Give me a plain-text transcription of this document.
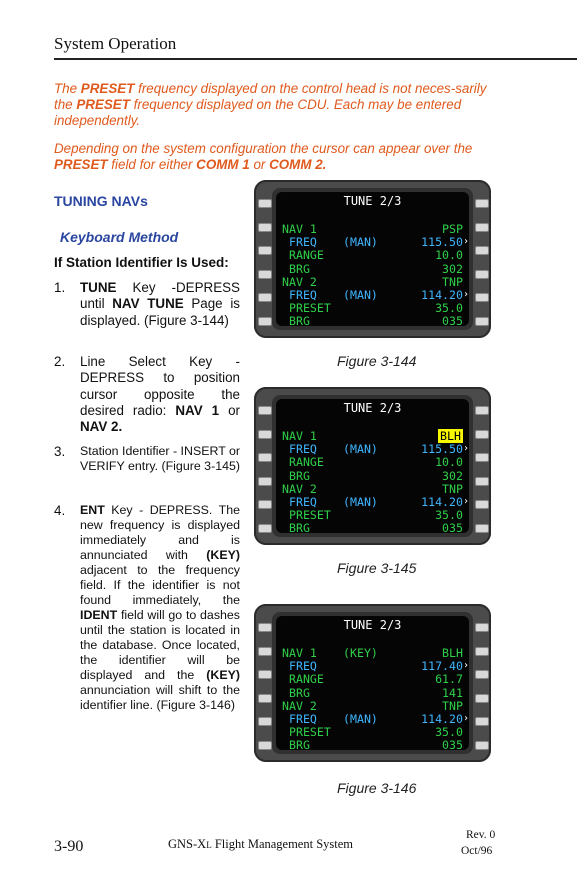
System Operation
The PRESET frequency displayed on the control head is not neces-sarily the PRESET frequency displayed on the CDU. Each may be entered independently.
Depending on the system configuration the cursor can appear over the PRESET field for either COMM 1 or COMM 2.
TUNING NAVs
Keyboard Method
If Station Identifier Is Used:
1. TUNE Key -DEPRESS until NAV TUNE Page is displayed. (Figure 3-144)
2. Line Select Key - DEPRESS to position cursor opposite the desired radio: NAV 1 or NAV 2.
3. Station Identifier - INSERT or VERIFY entry. (Figure 3-145)
4. ENT Key - DEPRESS. The new frequency is displayed immediately and is annunciated with (KEY) adjacent to the frequency field. If the identifier is not found immediately, the IDENT field will go to dashes until the station is located in the database. Once located, the identifier will be displayed and the (KEY) annunciation will shift to the identifier line. (Figure 3-146)
TUNE 2/3
NAV 1	PSP
FREQ (MAN)	115.50 ›
RANGE	10.0
BRG	302
NAV 2	TNP
FREQ (MAN)	114.20 ›
PRESET	35.0
BRG	035
Figure 3-144
TUNE 2/3
NAV 1	BLH
FREQ (MAN)	115.50 ›
RANGE	10.0
BRG	302
NAV 2	TNP
FREQ (MAN)	114.20 ›
PRESET	35.0
BRG	035
Figure 3-145
TUNE 2/3
NAV 1 (KEY)	BLH
FREQ	117.40 ›
RANGE	61.7
BRG	141
NAV 2	TNP
FREQ (MAN)	114.20 ›
PRESET	35.0
BRG	035
Figure 3-146
3-90	GNS-XL Flight Management System
Rev. 0
Oct/96
